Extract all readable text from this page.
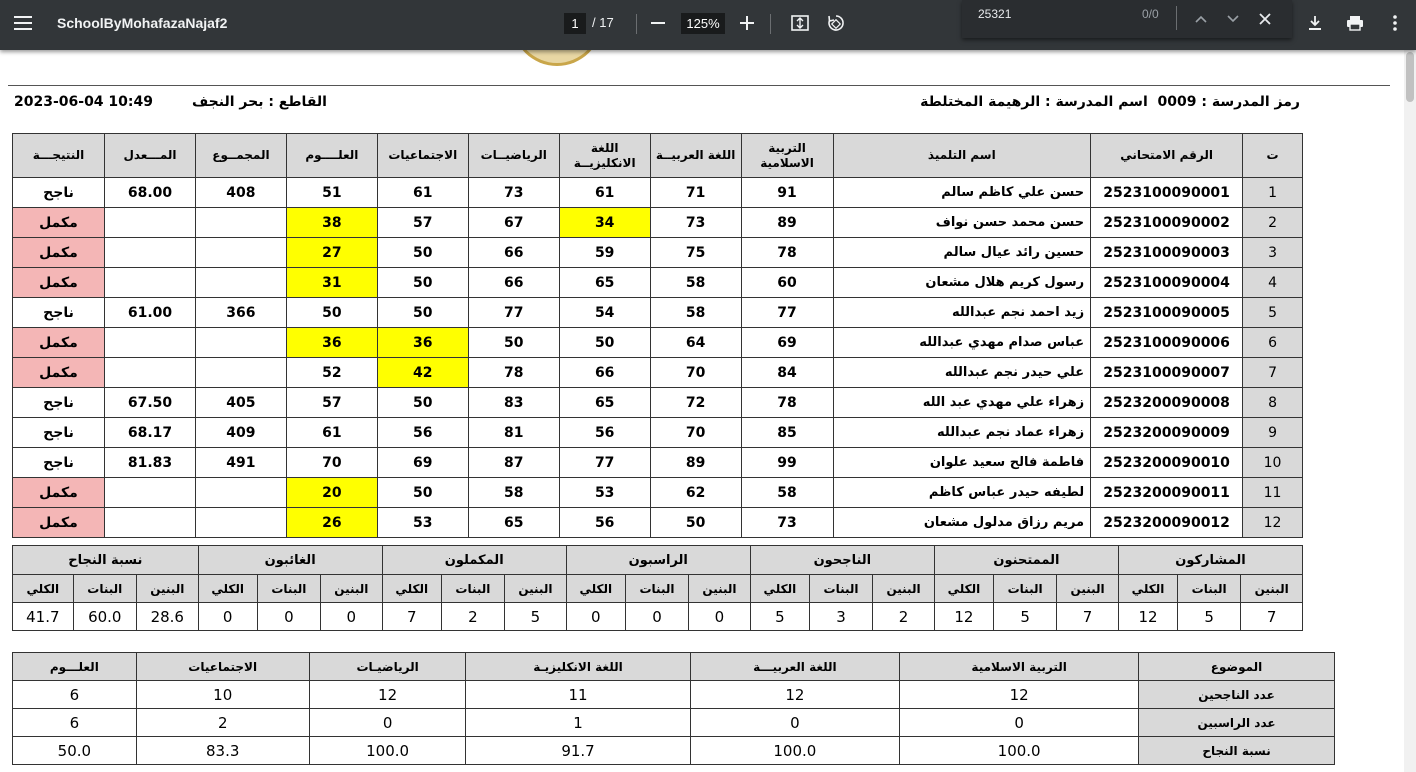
SchoolByMohafazaNajaf2	1	/ 17	125%
25321	0/0
رمز المدرسة : 0009  اسم المدرسة : الرهيمة المختلطة
القاطع : بحر النجف
2023-06-04 10:49
ت	الرقم الامتحاني	اسم التلميذ	التربية الاسلامية	اللغة العربيــة	اللغة الانكليزيــة	الرياضيــات	الاجتماعيات	العلــــوم	المجمــوع	المـــعدل	النتيجـــة
1	2523100090001	حسن علي كاظم سالم	91	71	61	73	61	51	408	68.00	ناجح
2	2523100090002	حسن محمد حسن نواف	89	73	34	67	57	38			مكمل
3	2523100090003	حسين رائد عيال سالم	78	75	59	66	50	27			مكمل
4	2523100090004	رسول كريم هلال مشعان	60	58	65	66	50	31			مكمل
5	2523100090005	زيد احمد نجم عبدالله	77	58	54	77	50	50	366	61.00	ناجح
6	2523100090006	عباس صدام مهدي عبدالله	69	64	50	50	36	36			مكمل
7	2523100090007	علي حيدر نجم عبدالله	84	70	66	78	42	52			مكمل
8	2523200090008	زهراء علي مهدي عبد الله	78	72	65	83	50	57	405	67.50	ناجح
9	2523200090009	زهراء عماد نجم عبدالله	85	70	56	81	56	61	409	68.17	ناجح
10	2523200090010	فاطمة فالح سعيد علوان	99	89	77	87	69	70	491	81.83	ناجح
11	2523200090011	لطيفه حيدر عباس كاظم	58	62	53	58	50	20			مكمل
12	2523200090012	مريم رزاق مدلول مشعان	73	50	56	65	53	26			مكمل
المشاركون			الممتحنون			الناجحون			الراسبون			المكملون			الغائبون			نسبة النجاح		
البنين	البنات	الكلي	البنين	البنات	الكلي	البنين	البنات	الكلي	البنين	البنات	الكلي	البنين	البنات	الكلي	البنين	البنات	الكلي	البنين	البنات	الكلي
7	5	12	7	5	12	2	3	5	0	0	0	5	2	7	0	0	0	28.6	60.0	41.7
الموضوع	التربية الاسلامية	اللغة العربيـــة	اللغة الانكليزيـة	الرياضيـات	الاجتماعيات	العلـــوم
عدد الناجحين	12	12	11	12	10	6
عدد الراسبين	0	0	1	0	2	6
نسبة النجاح	100.0	100.0	91.7	100.0	83.3	50.0
